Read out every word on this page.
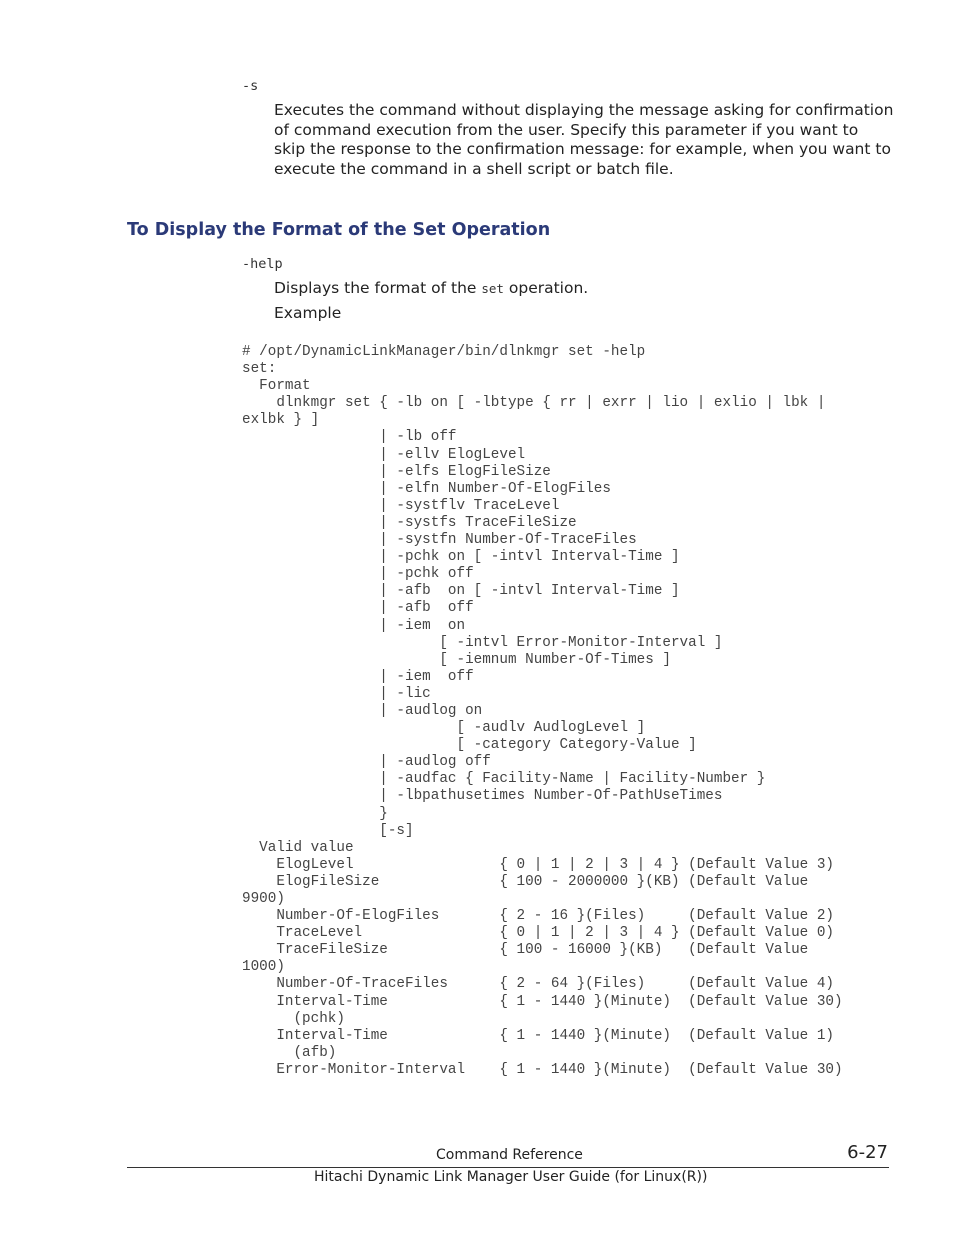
-s

Executes the command without displaying the message asking for confirmation of command execution from the user. Specify this parameter if you want to skip the response to the confirmation message: for example, when you want to execute the command in a shell script or batch file.

To Display the Format of the Set Operation

-help

Displays the format of the set operation.

Example

# /opt/DynamicLinkManager/bin/dlnkmgr set -help
set:
Format
dlnkmgr set { -lb on [ -lbtype { rr | exrr | lio | exlio | lbk |
exlbk } ]
| -lb off
| -ellv ElogLevel
| -elfs ElogFileSize
| -elfn Number-Of-ElogFiles
| -systflv TraceLevel
| -systfs TraceFileSize
| -systfn Number-Of-TraceFiles
| -pchk on [ -intvl Interval-Time ]
| -pchk off
| -afb  on [ -intvl Interval-Time ]
| -afb  off
| -iem  on
[ -intvl Error-Monitor-Interval ]
[ -iemnum Number-Of-Times ]
| -iem  off
| -lic
| -audlog on
[ -audlv AudlogLevel ]
[ -category Category-Value ]
| -audlog off
| -audfac { Facility-Name | Facility-Number }
| -lbpathusetimes Number-Of-PathUseTimes
}
[-s]
Valid value
ElogLevel                 { 0 | 1 | 2 | 3 | 4 } (Default Value 3)
ElogFileSize              { 100 - 2000000 }(KB) (Default Value
9900)
Number-Of-ElogFiles       { 2 - 16 }(Files)     (Default Value 2)
TraceLevel                { 0 | 1 | 2 | 3 | 4 } (Default Value 0)
TraceFileSize             { 100 - 16000 }(KB)   (Default Value
1000)
Number-Of-TraceFiles      { 2 - 64 }(Files)     (Default Value 4)
Interval-Time             { 1 - 1440 }(Minute)  (Default Value 30)
(pchk)
Interval-Time             { 1 - 1440 }(Minute)  (Default Value 1)
(afb)
Error-Monitor-Interval    { 1 - 1440 }(Minute)  (Default Value 30)

Command Reference	6-27

Hitachi Dynamic Link Manager User Guide (for Linux(R))
